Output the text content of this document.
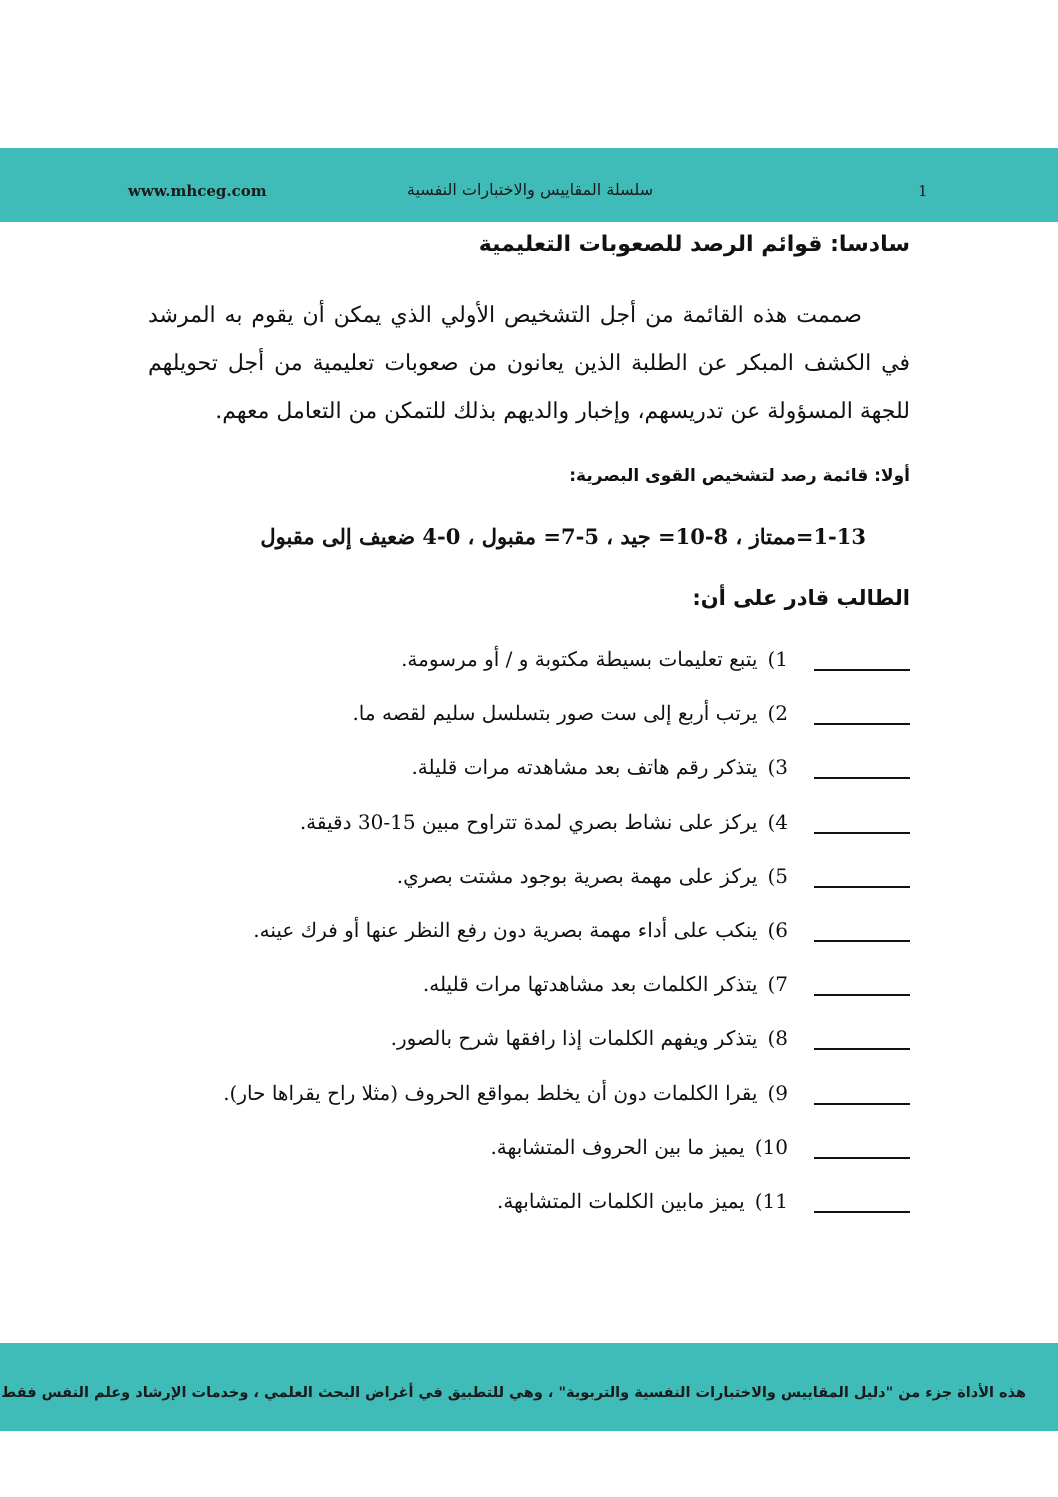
www.mhceg.com	سلسلة المقاييس والاختبارات النفسية	1
سادسا: قوائم الرصد للصعوبات التعليمية
صممت هذه القائمة من أجل التشخيص الأولي الذي يمكن أن يقوم به المرشد في الكشف المبكر عن الطلبة الذين يعانون من صعوبات تعليمية من أجل تحويلهم للجهة المسؤولة عن تدريسهم، وإخبار والديهم بذلك للتمكن من التعامل معهم.
أولا: قائمة رصد لتشخيص القوى البصرية:
1-13=ممتاز ، 8-10= جيد ، 5-7= مقبول ، 0-4 ضعيف إلى مقبول
الطالب قادر على أن:
1)
يتبع تعليمات بسيطة مكتوبة و / أو مرسومة.
2)
يرتب أربع إلى ست صور بتسلسل سليم لقصه ما.
3)
يتذكر رقم هاتف بعد مشاهدته مرات قليلة.
4)
يركز على نشاط بصري لمدة تتراوح مبين 15-30 دقيقة.
5)
يركز على مهمة بصرية بوجود مشتت بصري.
6)
ينكب على أداء مهمة بصرية دون رفع النظر عنها أو فرك عينه.
7)
يتذكر الكلمات بعد مشاهدتها مرات قليله.
8)
يتذكر ويفهم الكلمات إذا رافقها شرح بالصور.
9)
يقرا الكلمات دون أن يخلط بمواقع الحروف (مثلا راح يقراها حار).
10)
يميز ما بين الحروف المتشابهة.
11)
يميز مابين الكلمات المتشابهة.
هذه الأداة جزء من "دليل المقاييس والاختبارات النفسية والتربوية" ، وهي للتطبيق في أغراض البحث العلمي ، وخدمات الإرشاد وعلم النفس فقط
